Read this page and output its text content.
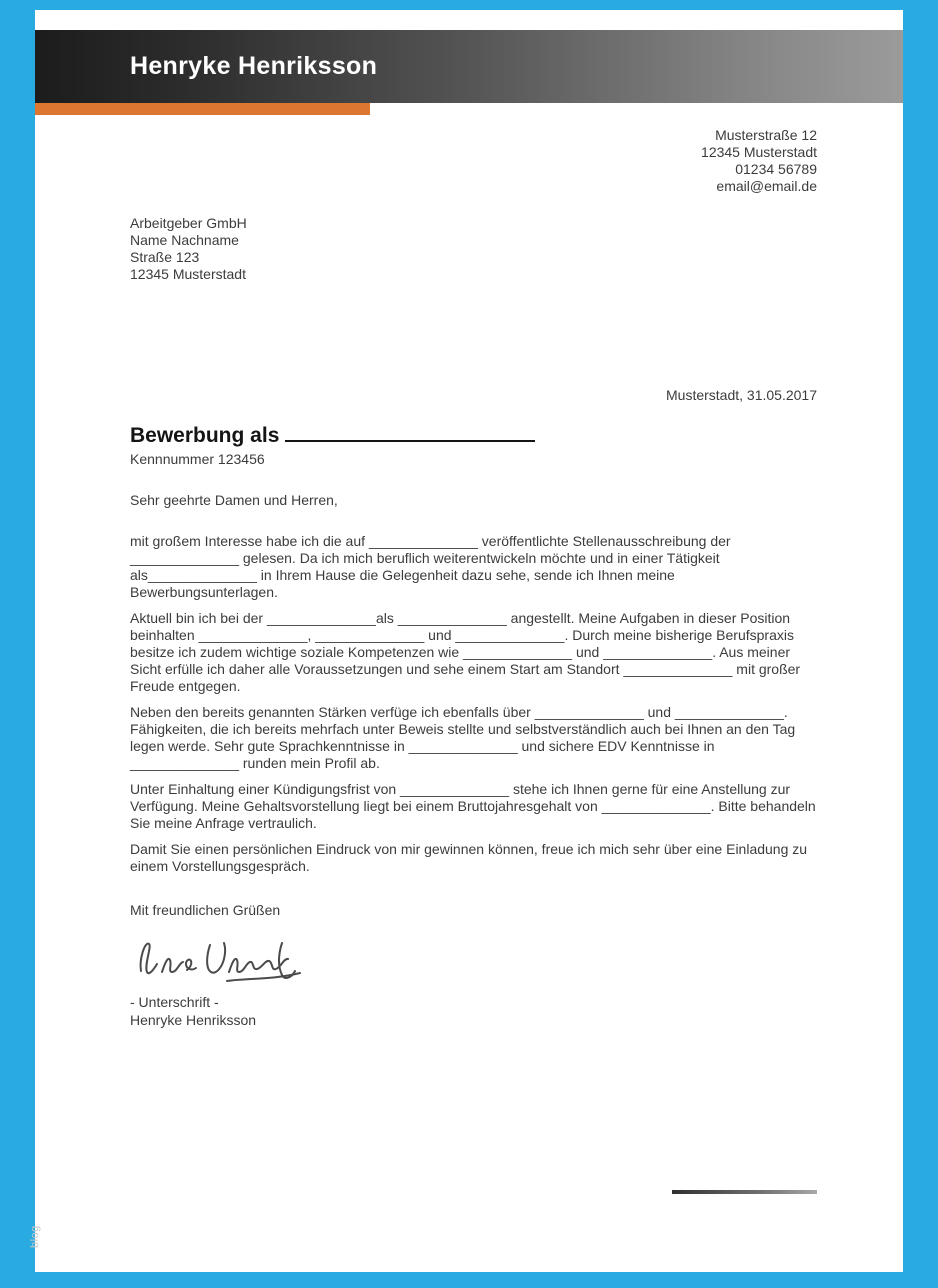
Henryke Henriksson
Musterstraße 12
12345 Musterstadt
01234 56789
email@email.de
Arbeitgeber GmbH
Name Nachname
Straße 123
12345 Musterstadt
Musterstadt, 31.05.2017
Bewerbung als
Kennnummer 123456
Sehr geehrte Damen und Herren,

mit großem Interesse habe ich die auf ______________ veröffentlichte Stellenausschreibung der ______________ gelesen. Da ich mich beruflich weiterentwickeln möchte und in einer Tätigkeit als______________ in Ihrem Hause die Gelegenheit dazu sehe, sende ich Ihnen meine Bewerbungsunterlagen.

Aktuell bin ich bei der ______________als ______________ angestellt. Meine Aufgaben in dieser Position beinhalten ______________, ______________ und ______________. Durch meine bisherige Berufspraxis besitze ich zudem wichtige soziale Kompetenzen wie ______________ und ______________. Aus meiner Sicht erfülle ich daher alle Voraussetzungen und sehe einem Start am Standort ______________ mit großer Freude entgegen.

Neben den bereits genannten Stärken verfüge ich ebenfalls über ______________ und ______________. Fähigkeiten, die ich bereits mehrfach unter Beweis stellte und selbstverständlich auch bei Ihnen an den Tag legen werde. Sehr gute Sprachkenntnisse in ______________ und sichere EDV Kenntnisse in ______________ runden mein Profil ab.

Unter Einhaltung einer Kündigungsfrist von ______________ stehe ich Ihnen gerne für eine Anstellung zur Verfügung. Meine Gehaltsvorstellung liegt bei einem Bruttojahresgehalt von ______________. Bitte behandeln Sie meine Anfrage vertraulich.

Damit Sie einen persönlichen Eindruck von mir gewinnen können, freue ich mich sehr über eine Einladung zu einem Vorstellungsgespräch.

Mit freundlichen Grüßen
- Unterschrift -
Henryke Henriksson
blog
